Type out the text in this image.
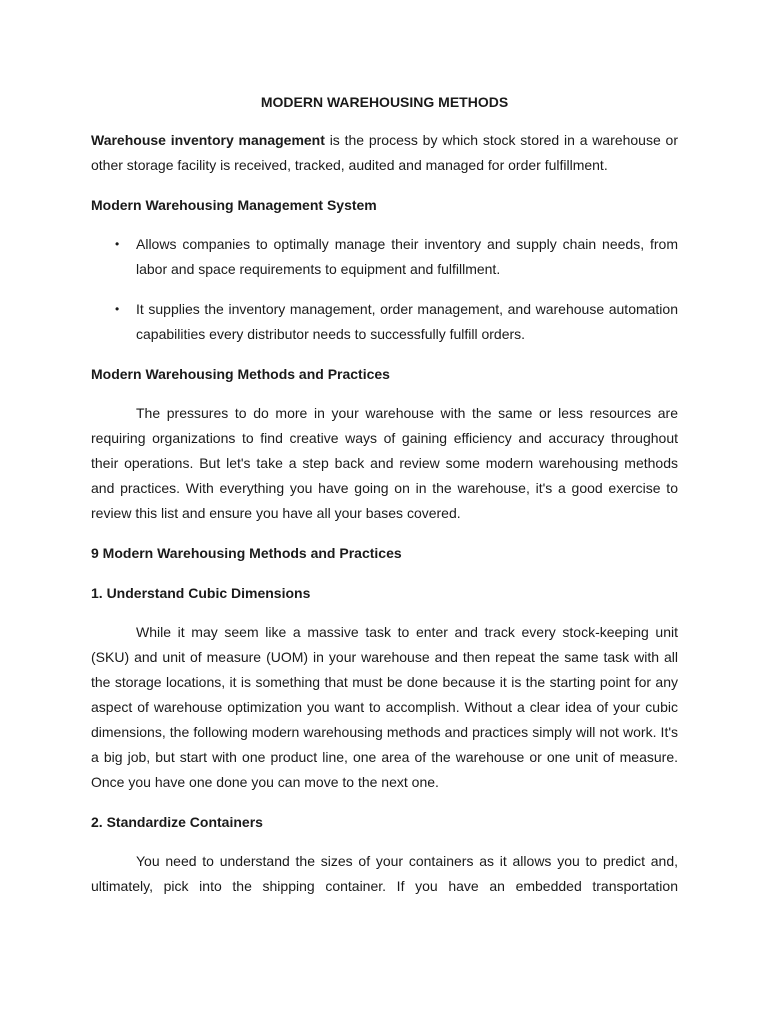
MODERN WAREHOUSING METHODS

Warehouse inventory management is the process by which stock stored in a warehouse or other storage facility is received, tracked, audited and managed for order fulfillment.

Modern Warehousing Management System
• Allows companies to optimally manage their inventory and supply chain needs, from labor and space requirements to equipment and fulfillment.
• It supplies the inventory management, order management, and warehouse automation capabilities every distributor needs to successfully fulfill orders.
Modern Warehousing Methods and Practices

The pressures to do more in your warehouse with the same or less resources are requiring organizations to find creative ways of gaining efficiency and accuracy throughout their operations. But let's take a step back and review some modern warehousing methods and practices. With everything you have going on in the warehouse, it's a good exercise to review this list and ensure you have all your bases covered.

9 Modern Warehousing Methods and Practices
1. Understand Cubic Dimensions

While it may seem like a massive task to enter and track every stock-keeping unit (SKU) and unit of measure (UOM) in your warehouse and then repeat the same task with all the storage locations, it is something that must be done because it is the starting point for any aspect of warehouse optimization you want to accomplish. Without a clear idea of your cubic dimensions, the following modern warehousing methods and practices simply will not work. It's a big job, but start with one product line, one area of the warehouse or one unit of measure. Once you have one done you can move to the next one.

2. Standardize Containers

You need to understand the sizes of your containers as it allows you to predict and, ultimately, pick into the shipping container. If you have an embedded transportation
